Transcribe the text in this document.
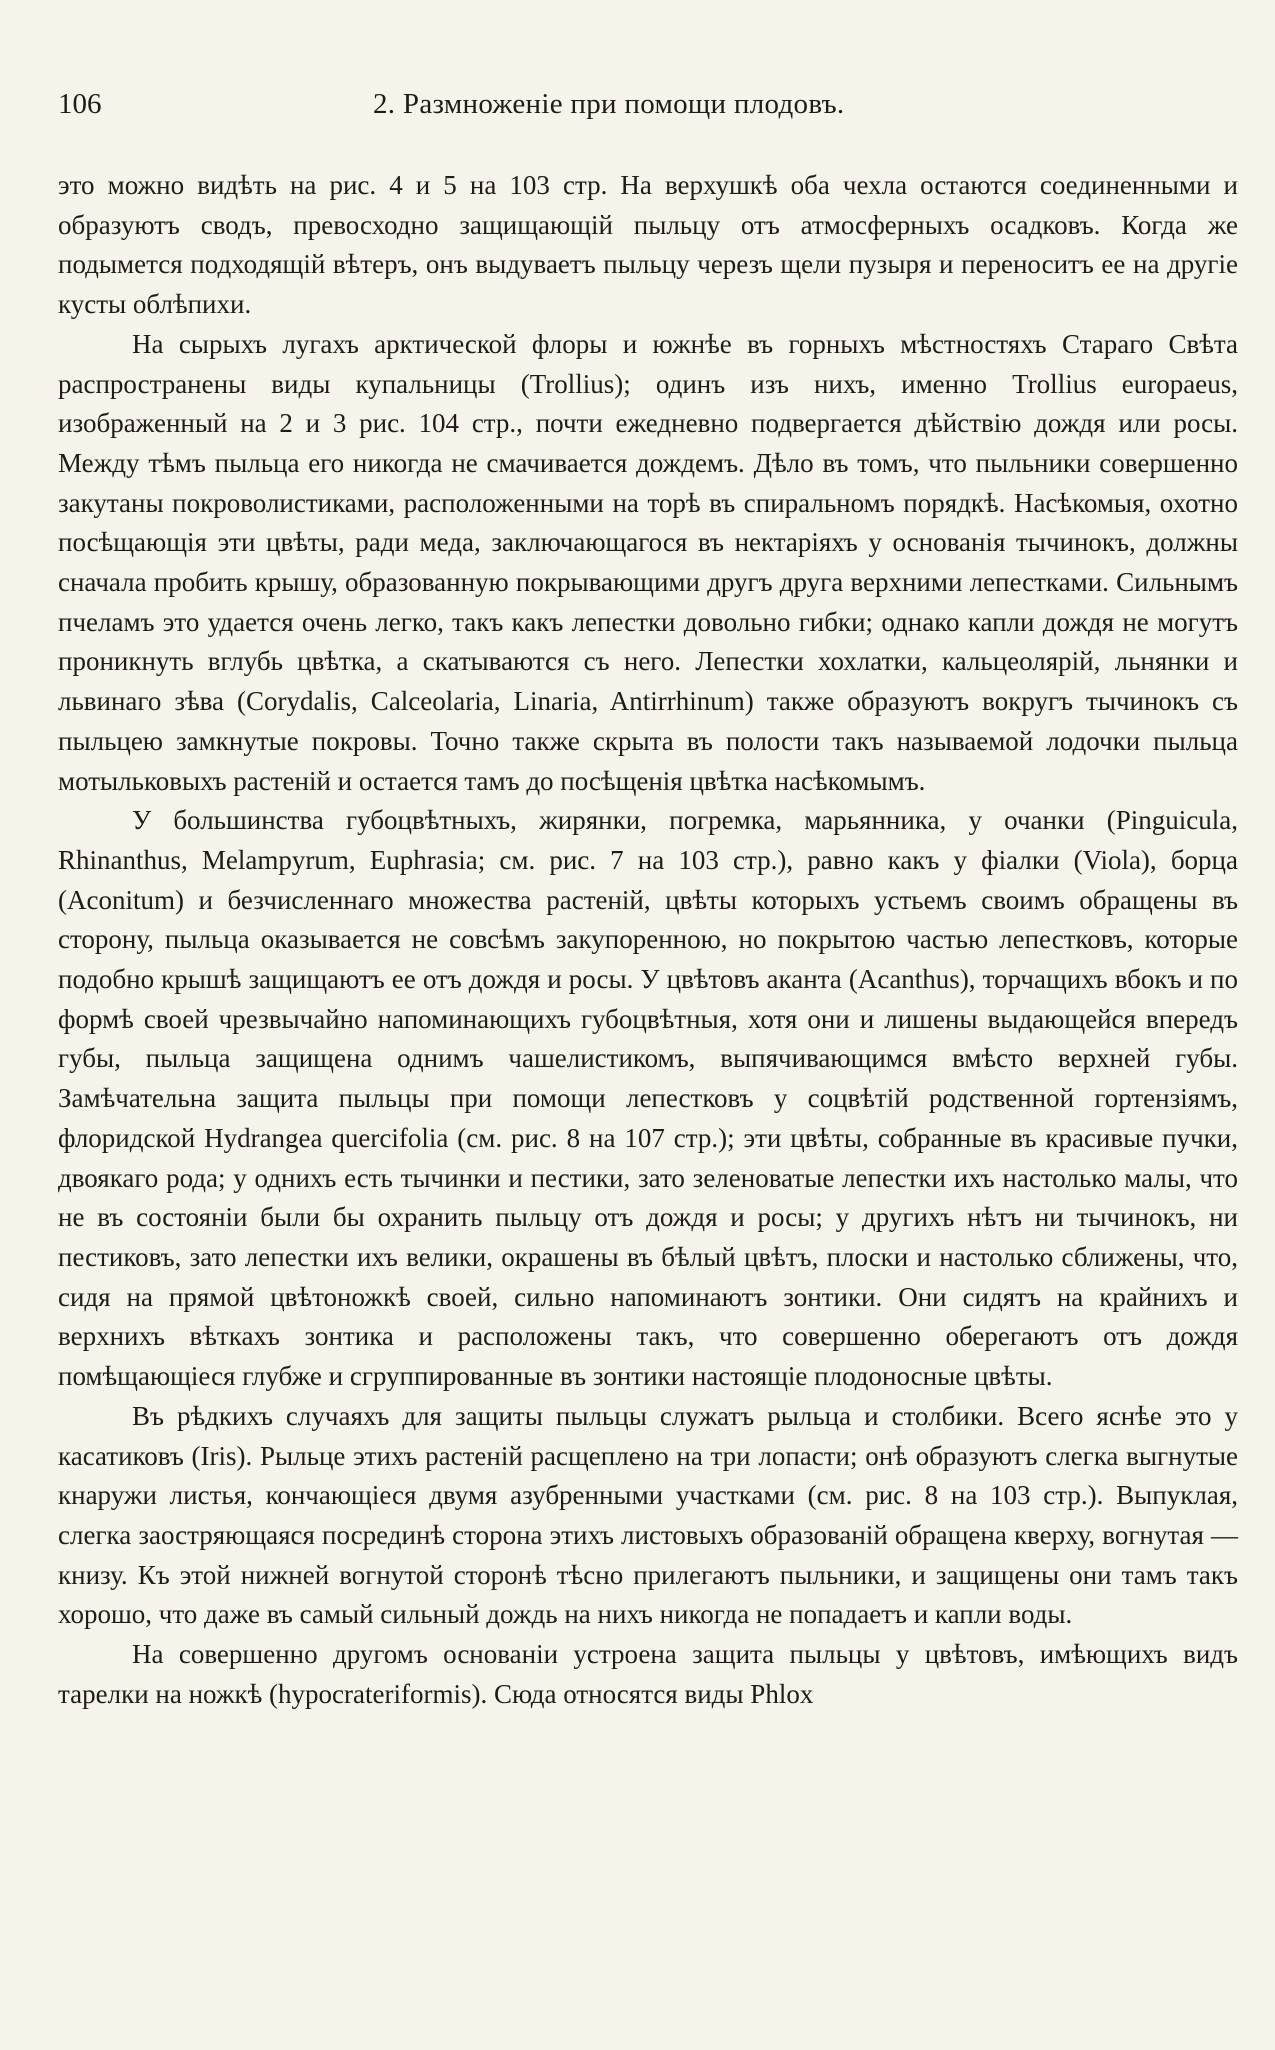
106	2. Размноженіе при помощи плодовъ.

это можно видѣть на рис. 4 и 5 на 103 стр. На верхушкѣ оба чехла остаются соединенными и образуютъ сводъ, превосходно защищающій пыльцу отъ атмосферныхъ осадковъ. Когда же подымется подходящій вѣтеръ, онъ выдуваетъ пыльцу черезъ щели пузыря и переноситъ ее на другіе кусты облѣпихи.

На сырыхъ лугахъ арктической флоры и южнѣе въ горныхъ мѣстностяхъ Стараго Свѣта распространены виды купальницы (Trollius); одинъ изъ нихъ, именно Trollius europaeus, изображенный на 2 и 3 рис. 104 стр., почти ежедневно подвергается дѣйствію дождя или росы. Между тѣмъ пыльца его никогда не смачивается дождемъ. Дѣло въ томъ, что пыльники совершенно закутаны покроволистиками, расположенными на торѣ въ спиральномъ порядкѣ. Насѣкомыя, охотно посѣщающія эти цвѣты, ради меда, заключающагося въ нектаріяхъ у основанія тычинокъ, должны сначала пробить крышу, образованную покрывающими другъ друга верхними лепестками. Сильнымъ пчеламъ это удается очень легко, такъ какъ лепестки довольно гибки; однако капли дождя не могутъ проникнуть вглубь цвѣтка, а скатываются съ него. Лепестки хохлатки, кальцеолярій, льнянки и львинаго зѣва (Corydalis, Calceolaria, Linaria, Antirrhinum) также образуютъ вокругъ тычинокъ съ пыльцею замкнутые покровы. Точно также скрыта въ полости такъ называемой лодочки пыльца мотыльковыхъ растеній и остается тамъ до посѣщенія цвѣтка насѣкомымъ.

У большинства губоцвѣтныхъ, жирянки, погремка, марьянника, у очанки (Pinguicula, Rhinanthus, Melampyrum, Euphrasia; см. рис. 7 на 103 стр.), равно какъ у фіалки (Viola), борца (Aconitum) и безчисленнаго множества растеній, цвѣты которыхъ устьемъ своимъ обращены въ сторону, пыльца оказывается не совсѣмъ закупоренною, но покрытою частью лепестковъ, которые подобно крышѣ защищаютъ ее отъ дождя и росы. У цвѣтовъ аканта (Acanthus), торчащихъ вбокъ и по формѣ своей чрезвычайно напоминающихъ губоцвѣтныя, хотя они и лишены выдающейся впередъ губы, пыльца защищена однимъ чашелистикомъ, выпячивающимся вмѣсто верхней губы. Замѣчательна защита пыльцы при помощи лепестковъ у соцвѣтій родственной гортензіямъ, флоридской Hydrangea quercifolia (см. рис. 8 на 107 стр.); эти цвѣты, собранные въ красивые пучки, двоякаго рода; у однихъ есть тычинки и пестики, зато зеленоватые лепестки ихъ настолько малы, что не въ состояніи были бы охранить пыльцу отъ дождя и росы; у другихъ нѣтъ ни тычинокъ, ни пестиковъ, зато лепестки ихъ велики, окрашены въ бѣлый цвѣтъ, плоски и настолько сближены, что, сидя на прямой цвѣтоножкѣ своей, сильно напоминаютъ зонтики. Они сидятъ на крайнихъ и верхнихъ вѣткахъ зонтика и расположены такъ, что совершенно оберегаютъ отъ дождя помѣщающіеся глубже и сгруппированные въ зонтики настоящіе плодоносные цвѣты.

Въ рѣдкихъ случаяхъ для защиты пыльцы служатъ рыльца и столбики. Всего яснѣе это у касатиковъ (Iris). Рыльце этихъ растеній расщеплено на три лопасти; онѣ образуютъ слегка выгнутые кнаружи листья, кончающіеся двумя азубренными участками (см. рис. 8 на 103 стр.). Выпуклая, слегка заостряющаяся посрединѣ сторона этихъ листовыхъ образованій обращена кверху, вогнутая — книзу. Къ этой нижней вогнутой сторонѣ тѣсно прилегаютъ пыльники, и защищены они тамъ такъ хорошо, что даже въ самый сильный дождь на нихъ никогда не попадаетъ и капли воды.

На совершенно другомъ основаніи устроена защита пыльцы у цвѣтовъ, имѣющихъ видъ тарелки на ножкѣ (hypocrateriformis). Сюда относятся виды Phlox
